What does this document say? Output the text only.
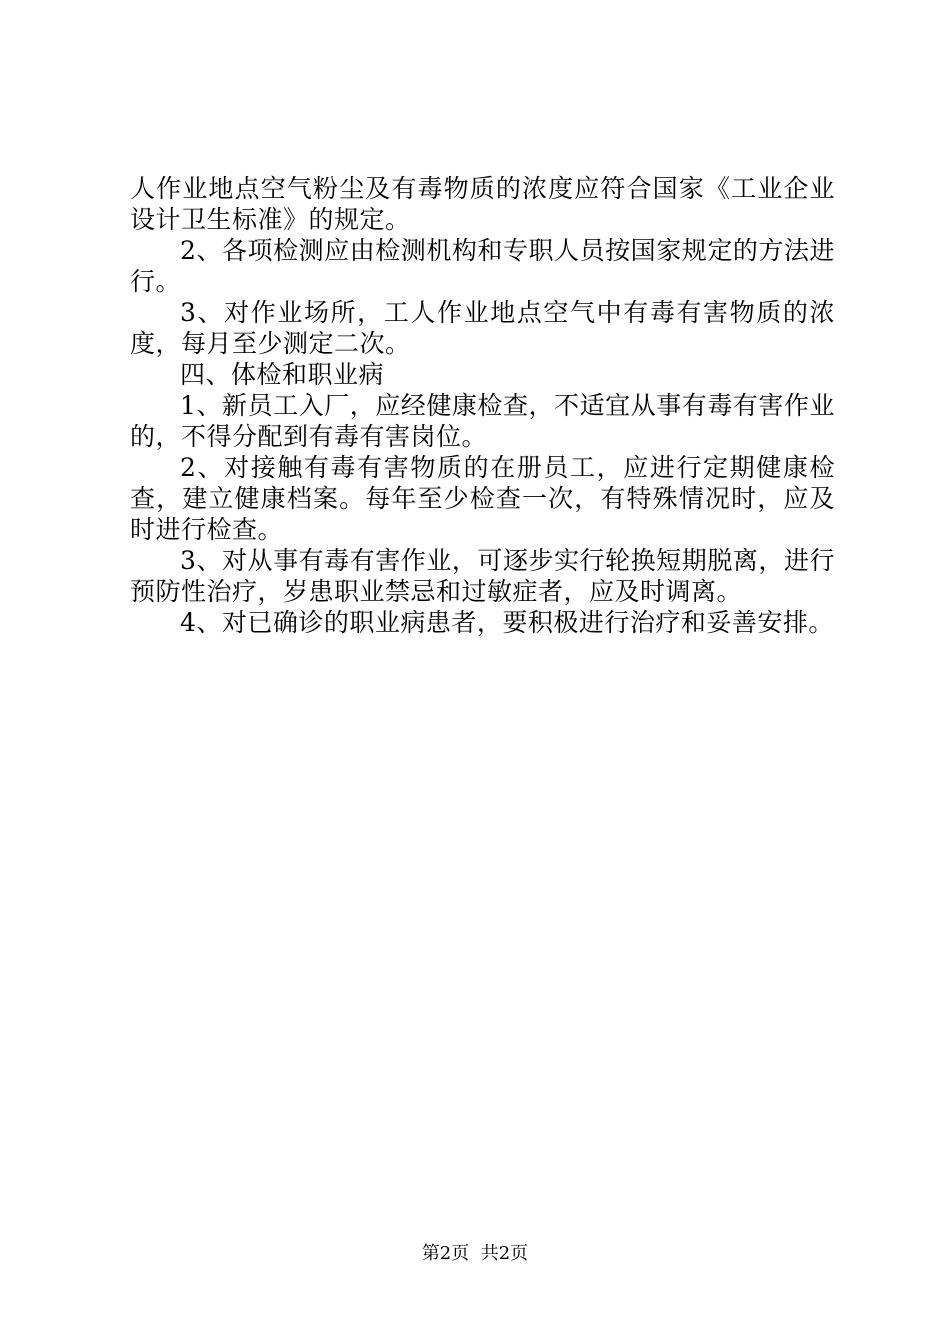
人作业地点空气粉尘及有毒物质的浓度应符合国家《工业企业设计卫生标准》的规定。

2、各项检测应由检测机构和专职人员按国家规定的方法进行。

3、对作业场所，工人作业地点空气中有毒有害物质的浓度，每月至少测定二次。

四、体检和职业病

1、新员工入厂，应经健康检查，不适宜从事有毒有害作业的，不得分配到有毒有害岗位。

2、对接触有毒有害物质的在册员工，应进行定期健康检查，建立健康档案。每年至少检查一次，有特殊情况时，应及时进行检查。

3、对从事有毒有害作业，可逐步实行轮换短期脱离，进行预防性治疗，岁患职业禁忌和过敏症者，应及时调离。

4、对已确诊的职业病患者，要积极进行治疗和妥善安排。

第2页  共2页
